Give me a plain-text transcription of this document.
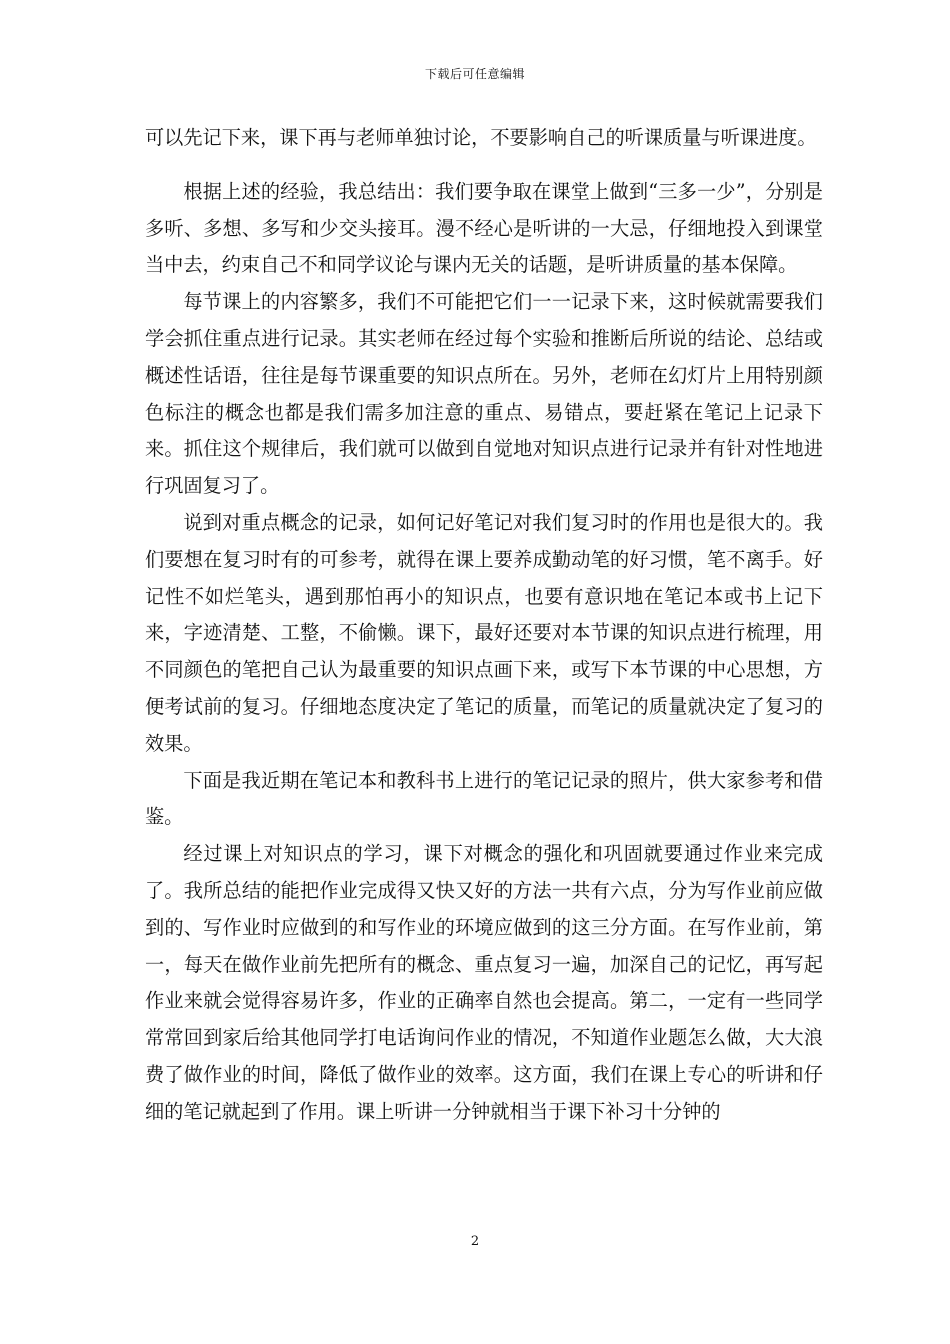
下载后可任意编辑

可以先记下来，课下再与老师单独讨论，不要影响自己的听课质量与听课进度。

根据上述的经验，我总结出：我们要争取在课堂上做到“三多一少”，分别是多听、多想、多写和少交头接耳。漫不经心是听讲的一大忌，仔细地投入到课堂当中去，约束自己不和同学议论与课内无关的话题，是听讲质量的基本保障。

每节课上的内容繁多，我们不可能把它们一一记录下来，这时候就需要我们学会抓住重点进行记录。其实老师在经过每个实验和推断后所说的结论、总结或概述性话语，往往是每节课重要的知识点所在。另外，老师在幻灯片上用特别颜色标注的概念也都是我们需多加注意的重点、易错点，要赶紧在笔记上记录下来。抓住这个规律后，我们就可以做到自觉地对知识点进行记录并有针对性地进行巩固复习了。

说到对重点概念的记录，如何记好笔记对我们复习时的作用也是很大的。我们要想在复习时有的可参考，就得在课上要养成勤动笔的好习惯，笔不离手。好记性不如烂笔头，遇到那怕再小的知识点，也要有意识地在笔记本或书上记下来，字迹清楚、工整，不偷懒。课下，最好还要对本节课的知识点进行梳理，用不同颜色的笔把自己认为最重要的知识点画下来，或写下本节课的中心思想，方便考试前的复习。仔细地态度决定了笔记的质量，而笔记的质量就决定了复习的效果。

下面是我近期在笔记本和教科书上进行的笔记记录的照片，供大家参考和借鉴。

经过课上对知识点的学习，课下对概念的强化和巩固就要通过作业来完成了。我所总结的能把作业完成得又快又好的方法一共有六点，分为写作业前应做到的、写作业时应做到的和写作业的环境应做到的这三分方面。在写作业前，第一，每天在做作业前先把所有的概念、重点复习一遍，加深自己的记忆，再写起作业来就会觉得容易许多，作业的正确率自然也会提高。第二，一定有一些同学常常回到家后给其他同学打电话询问作业的情况，不知道作业题怎么做，大大浪费了做作业的时间，降低了做作业的效率。这方面，我们在课上专心的听讲和仔细的笔记就起到了作用。课上听讲一分钟就相当于课下补习十分钟的

2
